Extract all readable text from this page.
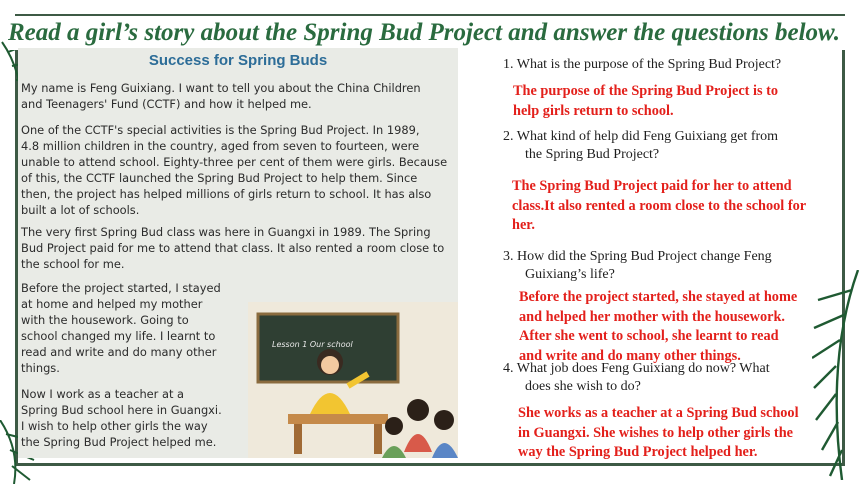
Read a girl’s story about the Spring Bud Project and answer the questions below.
Success for Spring Buds
My name is Feng Guixiang. I want to tell you about the China Children
and Teenagers' Fund (CCTF) and how it helped me.
One of the CCTF's special activities is the Spring Bud Project. In 1989,
4.8 million children in the country, aged from seven to fourteen, were
unable to attend school. Eighty-three per cent of them were girls. Because
of this, the CCTF launched the Spring Bud Project to help them. Since
then, the project has helped millions of girls return to school. It has also
built a lot of schools.
The very first Spring Bud class was here in Guangxi in 1989. The Spring
Bud Project paid for me to attend that class. It also rented a room close to
the school for me.
Before the project started, I stayed
at home and helped my mother
with the housework. Going to
school changed my life. I learnt to
read and write and do many other
things.
Now I work as a teacher at a
Spring Bud school here in Guangxi.
I wish to help other girls the way
the Spring Bud Project helped me.
Lesson 1 Our school
1. What is the purpose of the Spring Bud Project?
The purpose of the Spring Bud Project is to
help girls return to school.
2. What kind of help did Feng Guixiang get from
the Spring Bud Project?
The Spring Bud Project paid for her to attend
class.It also rented a room close to the school for
her.
3. How did the Spring Bud Project change Feng
Guixiang’s life?
Before the project started, she stayed at home
and helped her mother with the housework.
After she went to school, she learnt to read
and write and do many other things.
4. What job does Feng Guixiang do now? What
does she wish to do?
She works as a teacher at a Spring Bud school
in Guangxi. She wishes to help other girls the
way the Spring Bud Project helped her.
